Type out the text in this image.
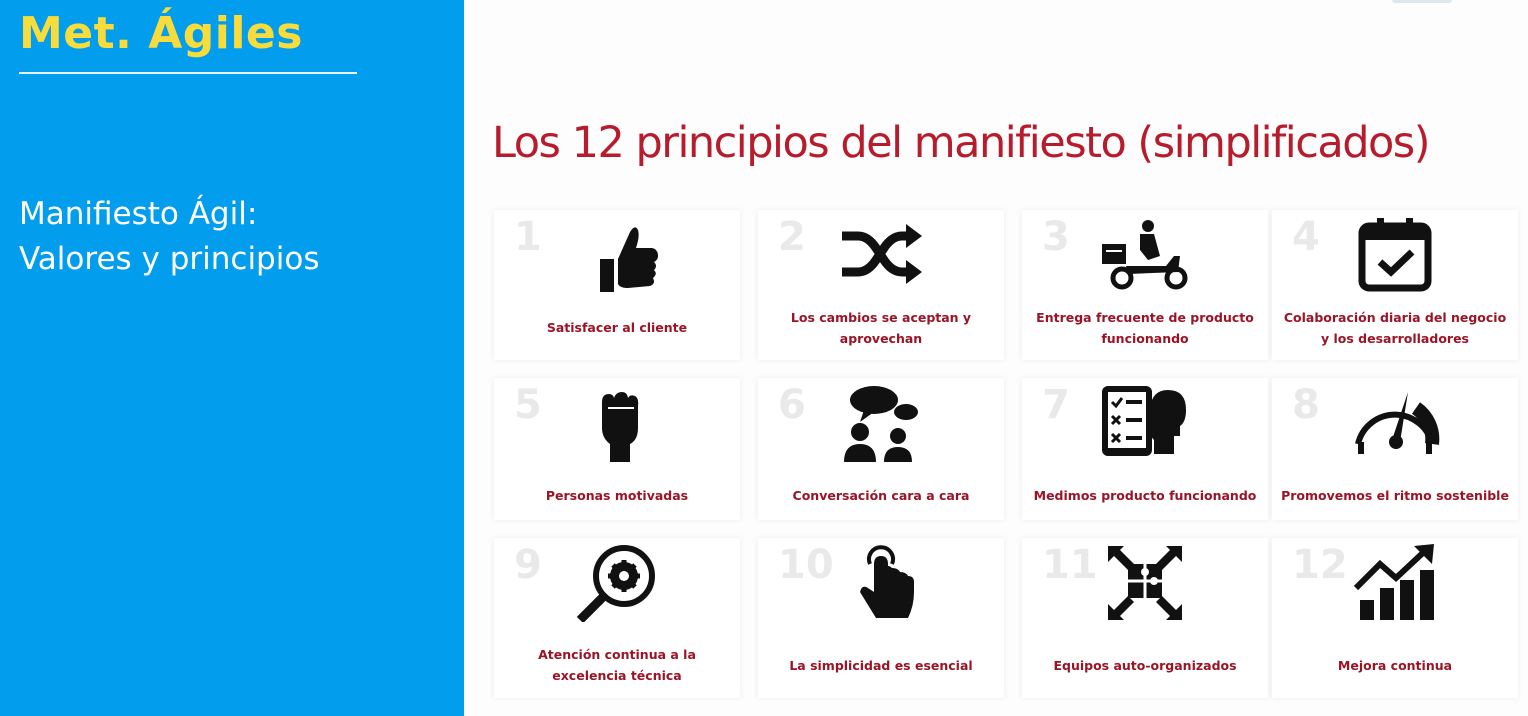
Met. Ágiles
Manifiesto Ágil:
Valores y principios
Los 12 principios del manifiesto (simplificados)
1
Satisfacer al cliente
2
Los cambios se aceptan y
aprovechan
3
Entrega frecuente de producto
funcionando
4
Colaboración diaria del negocio
y los desarrolladores
5
Personas motivadas
6
Conversación cara a cara
7
Medimos producto funcionando
8
Promovemos el ritmo sostenible
9
Atención continua a la
excelencia técnica
10
La simplicidad es esencial
11
Equipos auto-organizados
12
Mejora continua
